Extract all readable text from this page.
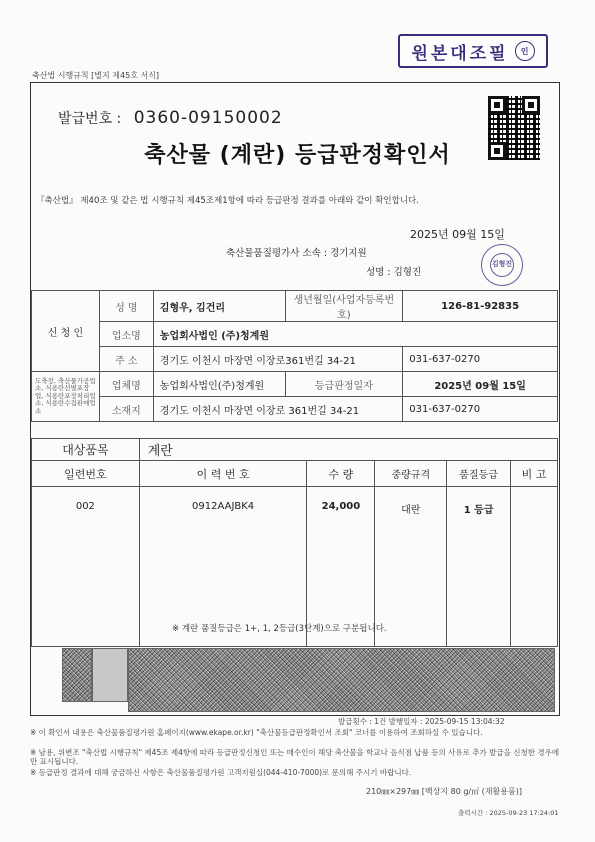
원본대조필	인
축산법 시행규칙 [별지 제45호 서식]
발급번호 : 0360-09150002
축산물 (계란) 등급판정확인서
『축산법』 제40조 및 같은 법 시행규칙 제45조제1항에 따라 등급판정 결과를 아래와 같이 확인합니다.
2025년 09월 15일
축산물품질평가사 소속 : 경기지원
성명 : 김형진
김형진
신 청 인	성 명	김형우, 김건리	생년월일(사업자등록번호)	126-81-92835
	업소명	농업회사법인 (주)청계원		
	주 소	경기도 이천시 마장면 이장로361번길 34-21		031-637-0270
도축장, 축산물가공업소, 식용란선별포장업, 식용란포장처리업소, 식용란수집판매업소	업체명	농업회사법인(주)청계원	등급판정일자	2025년 09월 15일
	소재지	경기도 이천시 마장면 이장로 361번길 34-21		031-637-0270
대상품목	계란				
일련번호	이 력 번 호	수 량	중량규격	품질등급	비 고
002	0912AAJBK4	24,000	대란	1 등급	
※ 계란 품질등급은 1+, 1, 2등급(3단계)으로 구분됩니다.
발급횟수 : 1건 발행일자 : 2025-09-15 13:04:32
※ 이 확인서 내용은 축산물품질평가원 홈페이지(www.ekape.or.kr) "축산물등급판정확인서 조회" 코너를 이용하여 조회하실 수 있습니다.
※ 남용, 위변조 "축산법 시행규칙" 제45조 제4항에 따라 등급판정신청인 또는 매수인이 해당 축산물을 학교나 음식점 납품 등의 사유로 추가 발급을 신청한 경우에만 표시됩니다.
※ 등급판정 결과에 대해 궁금하신 사항은 축산물품질평가원 고객지원실(044-410-7000)로 문의해 주시기 바랍니다.
210㎜×297㎜ [백상지 80 g/㎡ (재활용품)]
출력시간 : 2025-09-23 17:24:01
